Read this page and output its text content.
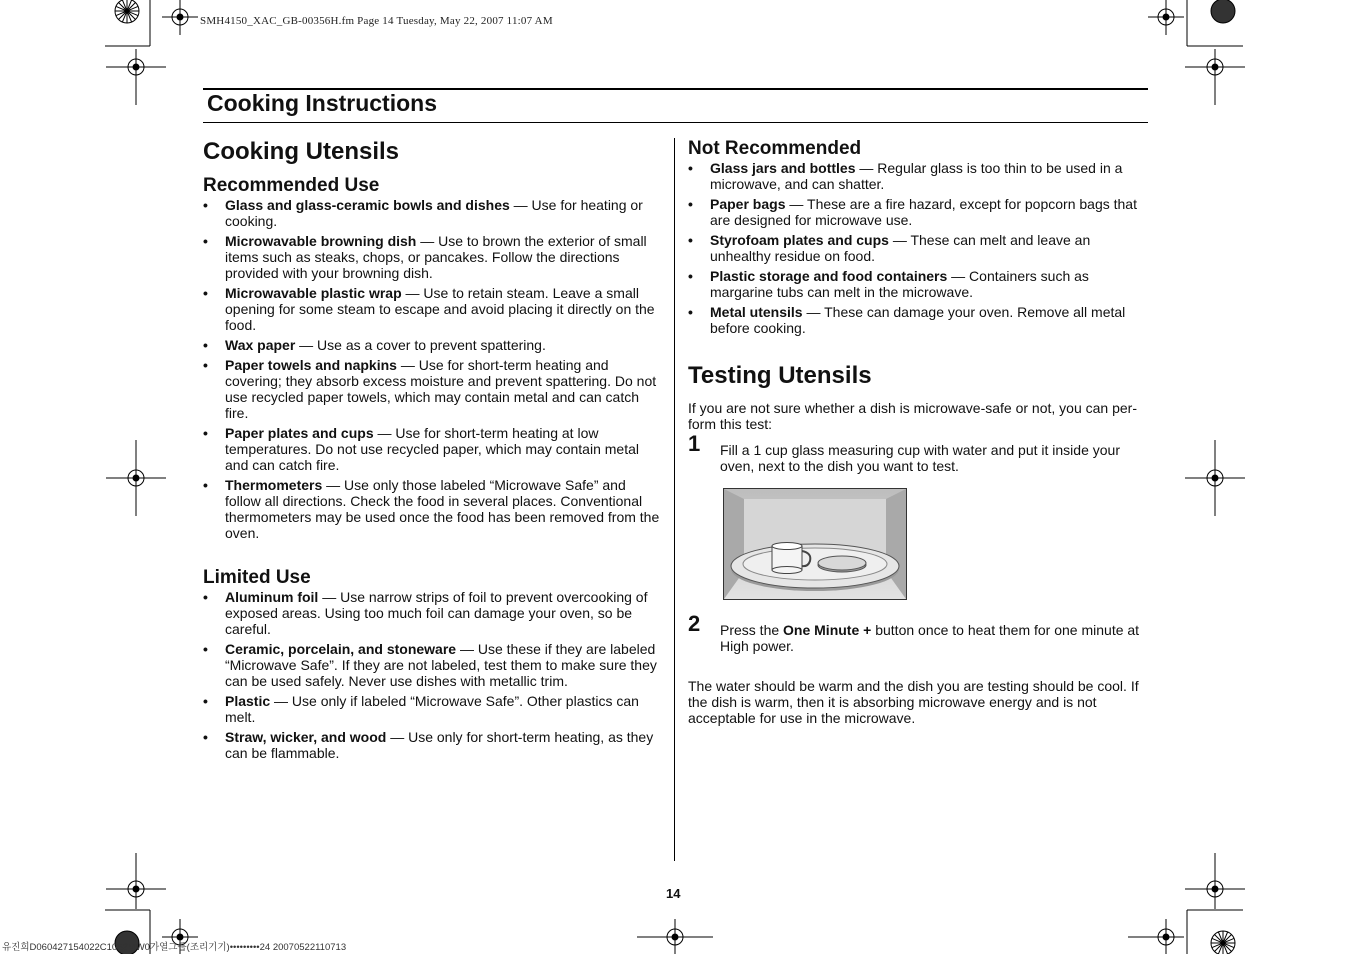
SMH4150_XAC_GB-00356H.fm Page 14 Tuesday, May 22, 2007 11:07 AM
Cooking Instructions
Cooking Utensils
Recommended Use
• Glass and glass-ceramic bowls and dishes — Use for heating or cooking.
• Microwavable browning dish — Use to brown the exterior of small items such as steaks, chops, or pancakes. Follow the directions provided with your browning dish.
• Microwavable plastic wrap — Use to retain steam. Leave a small opening for some steam to escape and avoid placing it directly on the food.
• Wax paper — Use as a cover to prevent spattering.
• Paper towels and napkins — Use for short-term heating and covering; they absorb excess moisture and prevent spattering. Do not use recycled paper towels, which may contain metal and can catch fire.
• Paper plates and cups — Use for short-term heating at low temperatures. Do not use recycled paper, which may contain metal and can catch fire.
• Thermometers — Use only those labeled “Microwave Safe” and follow all directions. Check the food in several places. Conventional thermometers may be used once the food has been removed from the oven.
Limited Use
• Aluminum foil — Use narrow strips of foil to prevent overcooking of exposed areas. Using too much foil can damage your oven, so be careful.
• Ceramic, porcelain, and stoneware — Use these if they are labeled “Microwave Safe”. If they are not labeled, test them to make sure they can be used safely. Never use dishes with metallic trim.
• Plastic — Use only if labeled “Microwave Safe”. Other plastics can melt.
• Straw, wicker, and wood — Use only for short-term heating, as they can be flammable.
Not Recommended
• Glass jars and bottles — Regular glass is too thin to be used in a microwave, and can shatter.
• Paper bags — These are a fire hazard, except for popcorn bags that are designed for microwave use.
• Styrofoam plates and cups — These can melt and leave an unhealthy residue on food.
• Plastic storage and food containers — Containers such as margarine tubs can melt in the microwave.
• Metal utensils — These can damage your oven. Remove all metal before cooking.
Testing Utensils

If you are not sure whether a dish is microwave-safe or not, you can per-form this test:

1 Fill a 1 cup glass measuring cup with water and put it inside your oven, next to the dish you want to test.
2 Press the One Minute + button once to heat them for one minute at High power.

The water should be warm and the dish you are testing should be cool. If the dish is warm, then it is absorbing microwave energy and is not acceptable for use in the microwave.

14
유진희D060427154022C1052MW0가열그룹(조리기기)•••••••••24 20070522110713
